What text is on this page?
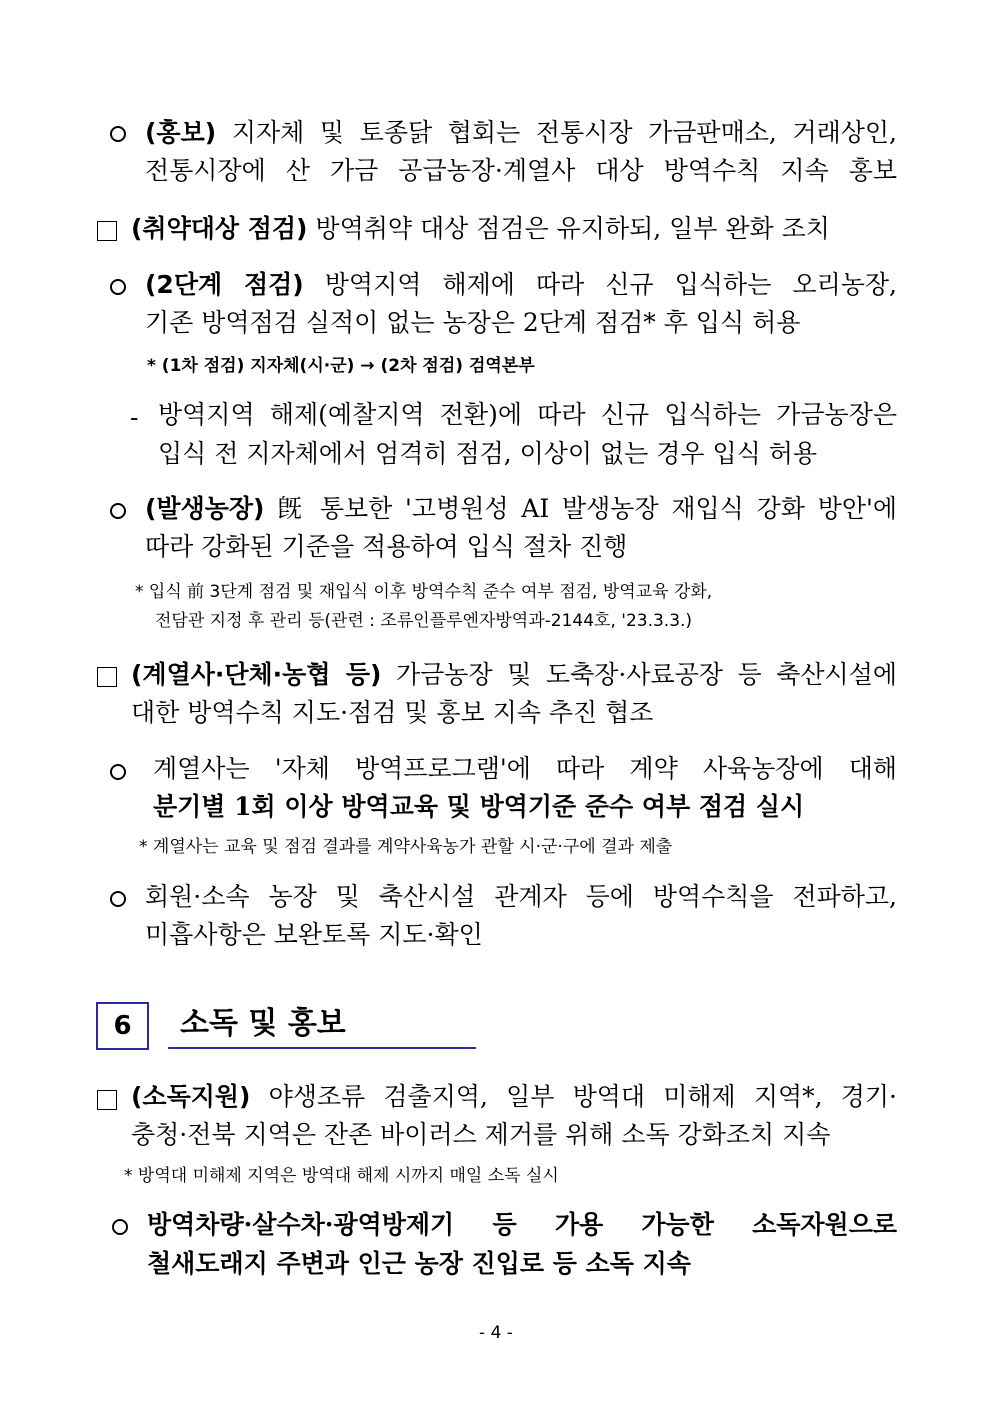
(홍보) 지자체 및 토종닭 협회는 전통시장 가금판매소, 거래상인,
전통시장에 산 가금 공급농장·계열사 대상 방역수칙 지속 홍보
(취약대상 점검) 방역취약 대상 점검은 유지하되, 일부 완화 조치
(2단계 점검) 방역지역 해제에 따라 신규 입식하는 오리농장,
기존 방역점검 실적이 없는 농장은 2단계 점검* 후 입식 허용
* (1차 점검) 지자체(시·군) → (2차 점검) 검역본부
- 방역지역 해제(예찰지역 전환)에 따라 신규 입식하는 가금농장은
입식 전 지자체에서 엄격히 점검, 이상이 없는 경우 입식 허용
(발생농장) 旣 통보한 '고병원성 AI 발생농장 재입식 강화 방안'에
따라 강화된 기준을 적용하여 입식 절차 진행
* 입식 前 3단계 점검 및 재입식 이후 방역수칙 준수 여부 점검, 방역교육 강화,
전담관 지정 후 관리 등(관련 : 조류인플루엔자방역과-2144호, '23.3.3.)
(계열사·단체·농협 등) 가금농장 및 도축장·사료공장 등 축산시설에
대한 방역수칙 지도·점검 및 홍보 지속 추진 협조
계열사는 '자체 방역프로그램'에 따라 계약 사육농장에 대해
분기별 1회 이상 방역교육 및 방역기준 준수 여부 점검 실시
* 계열사는 교육 및 점검 결과를 계약사육농가 관할 시·군·구에 결과 제출
회원·소속 농장 및 축산시설 관계자 등에 방역수칙을 전파하고,
미흡사항은 보완토록 지도·확인
6	소독 및 홍보
(소독지원) 야생조류 검출지역, 일부 방역대 미해제 지역*, 경기·
충청·전북 지역은 잔존 바이러스 제거를 위해 소독 강화조치 지속
* 방역대 미해제 지역은 방역대 해제 시까지 매일 소독 실시
방역차량·살수차·광역방제기 등 가용 가능한 소독자원으로
철새도래지 주변과 인근 농장 진입로 등 소독 지속
- 4 -
